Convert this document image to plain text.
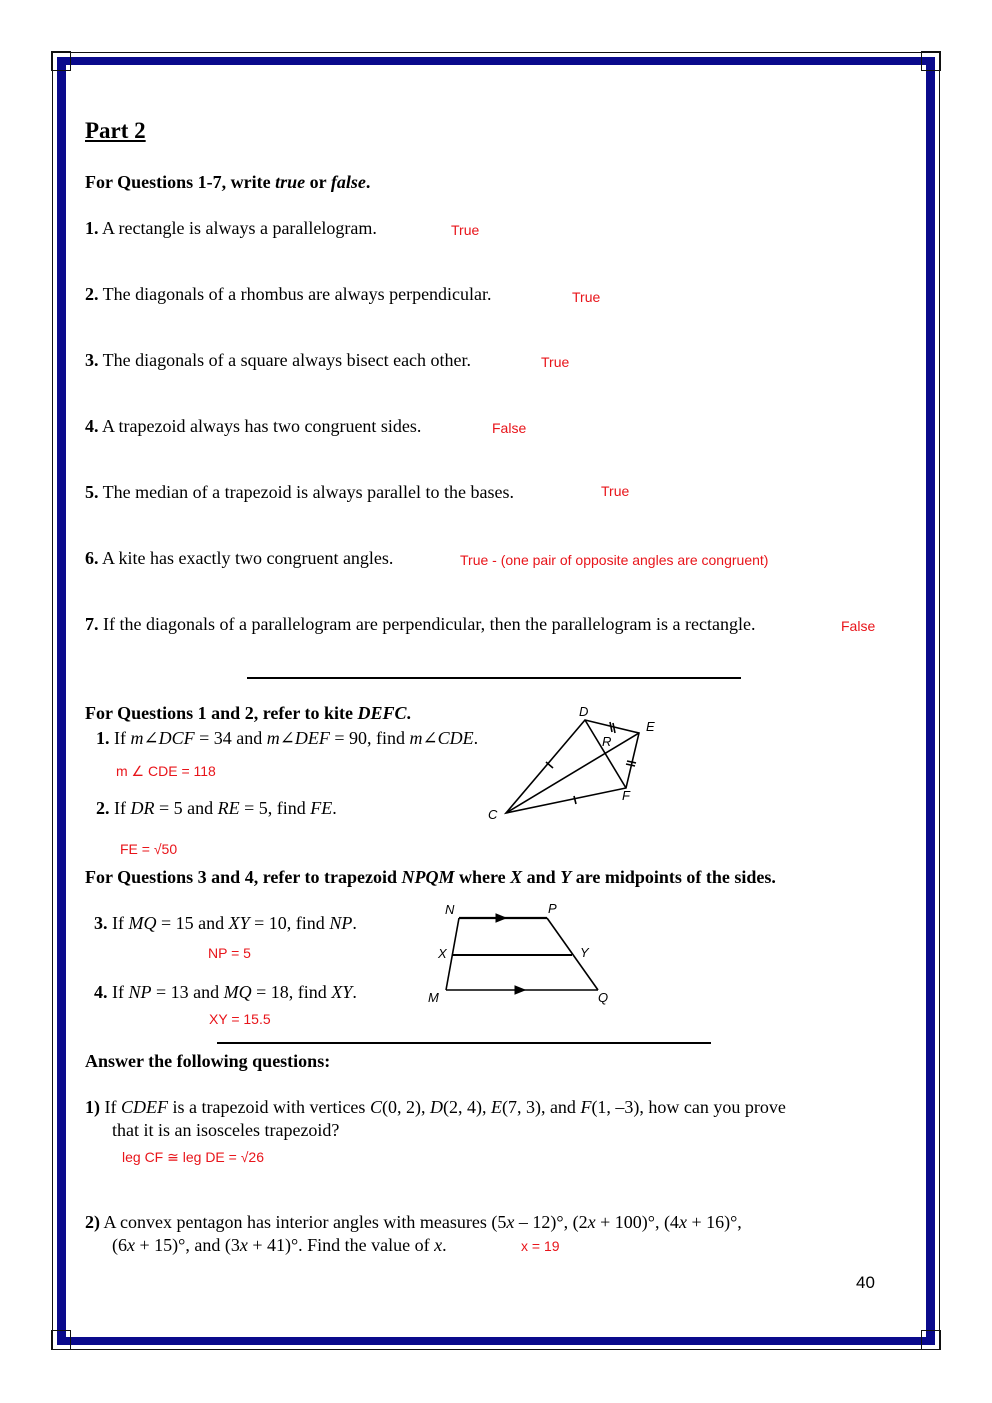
Part 2
For Questions 1-7, write true or false.
1. A rectangle is always a parallelogram.	True
2. The diagonals of a rhombus are always perpendicular.	True
3. The diagonals of a square always bisect each other.	True
4. A trapezoid always has two congruent sides.	False
5. The median of a trapezoid is always parallel to the bases.	True
6. A kite has exactly two congruent angles.	True - (one pair of opposite angles are congruent)
7. If the diagonals of a parallelogram are perpendicular, then the parallelogram is a rectangle.	False
For Questions 1 and 2, refer to kite DEFC.
1. If m∠DCF = 34 and m∠DEF = 90, find m∠CDE.
m ∠ CDE = 118
2. If DR = 5 and RE = 5, find FE.
FE = √50
For Questions 3 and 4, refer to trapezoid NPQM where X and Y are midpoints of the sides.
3. If MQ = 15 and XY = 10, find NP.
NP = 5
4. If NP = 13 and MQ = 18, find XY.
XY = 15.5
Answer the following questions:
1) If CDEF is a trapezoid with vertices C(0, 2), D(2, 4), E(7, 3), and F(1, –3), how can you prove
that it is an isosceles trapezoid?
leg CF ≅ leg DE = √26
2) A convex pentagon has interior angles with measures (5x – 12)°, (2x + 100)°, (4x + 16)°,
(6x + 15)°, and (3x + 41)°. Find the value of x.	x = 19
40
D
E
F
C
R
N	P
X	Y
M	Q
